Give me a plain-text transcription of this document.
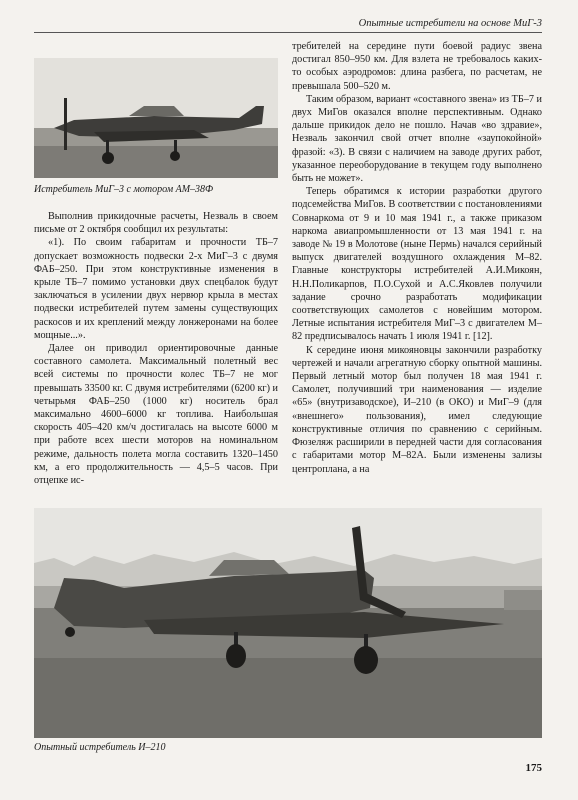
Опытные истребители на основе МиГ-3
Истребитель МиГ–3 с мотором АМ–38Ф

Выполнив прикидочные расчеты, Незваль в своем письме от 2 октября сообщил их результаты:

«1). По своим габаритам и прочности ТБ–7 допускает возможность подвески 2-х МиГ–3 с двумя ФАБ–250. При этом конструктивные изменения в крыле ТБ–7 помимо установки двух спецбалок будут заключаться в усилении двух нервюр крыла в местах подвески истребителей путем замены существующих раскосов и их креплений между лонжеронами на более мощные...».

Далее он приводил ориентировочные данные составного самолета. Максимальный полетный вес всей системы по прочности колес ТБ–7 не мог превышать 33500 кг. С двумя истребителями (6200 кг) и четырьмя ФАБ–250 (1000 кг) носитель брал максимально 4600–6000 кг топлива. Наибольшая скорость 405–420 км/ч достигалась на высоте 6000 м при работе всех шести моторов на номинальном режиме, дальность полета могла составить 1320–1450 км, а его продолжительность — 4,5–5 часов. При отцепке ис-

требителей на середине пути боевой радиус звена достигал 850–950 км. Для взлета не требовалось каких-то особых аэродромов: длина разбега, по расчетам, не превышала 500–520 м.

Таким образом, вариант «составного звена» из ТБ–7 и двух МиГов оказался вполне перспективным. Однако дальше прикидок дело не пошло. Начав «во здравие», Незваль закончил свой отчет вполне «заупокойной» фразой: «3). В связи с наличием на заводе других работ, указанное переоборудование в текущем году выполнено быть не может».

Теперь обратимся к истории разработки другого подсемейства МиГов. В соответствии с постановлениями Совнаркома от 9 и 10 мая 1941 г., а также приказом наркома авиапромышленности от 13 мая 1941 г. на заводе № 19 в Молотове (ныне Пермь) начался серийный выпуск двигателей воздушного охлаждения М–82. Главные конструкторы истребителей А.И.Микоян, Н.Н.Поликарпов, П.О.Сухой и А.С.Яковлев получили задание срочно разработать модификации соответствующих самолетов с новейшим мотором. Летные испытания истребителя МиГ–3 с двигателем М–82 предписывалось начать 1 июля 1941 г. [12].

К середине июня микояновцы закончили разработку чертежей и начали агрегатную сборку опытной машины. Первый летный мотор был получен 18 мая 1941 г. Самолет, получивший три наименования — изделие «65» (внутризаводское), И–210 (в ОКО) и МиГ–9 (для «внешнего» пользования), имел следующие конструктивные отличия по сравнению с серийным. Фюзеляж расширили в передней части для согласования с габаритами мотор М–82А. Были изменены зализы центроплана, а на

Опытный истребитель И–210
175
